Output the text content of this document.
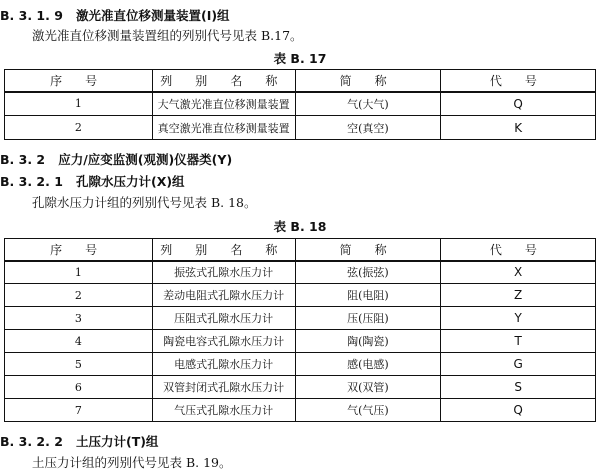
B. 3. 1. 9 激光准直位移测量装置(I)组
激光准直位移测量装置组的列别代号见表 B.17。
表 B. 17
序 号	列 别 名 称	简 称	代 号
1	大气激光准直位移测量装置	气(大气)	Q
2	真空激光准直位移测量装置	空(真空)	K
B. 3. 2 应力/应变监测(观测)仪器类(Y)
B. 3. 2. 1 孔隙水压力计(X)组
孔隙水压力计组的列别代号见表 B. 18。
表 B. 18
序 号	列 别 名 称	简 称	代 号
1	振弦式孔隙水压力计	弦(振弦)	X
2	差动电阻式孔隙水压力计	阻(电阻)	Z
3	压阻式孔隙水压力计	压(压阻)	Y
4	陶瓷电容式孔隙水压力计	陶(陶瓷)	T
5	电感式孔隙水压力计	感(电感)	G
6	双管封闭式孔隙水压力计	双(双管)	S
7	气压式孔隙水压力计	气(气压)	Q
B. 3. 2. 2 土压力计(T)组
土压力计组的列别代号见表 B. 19。
